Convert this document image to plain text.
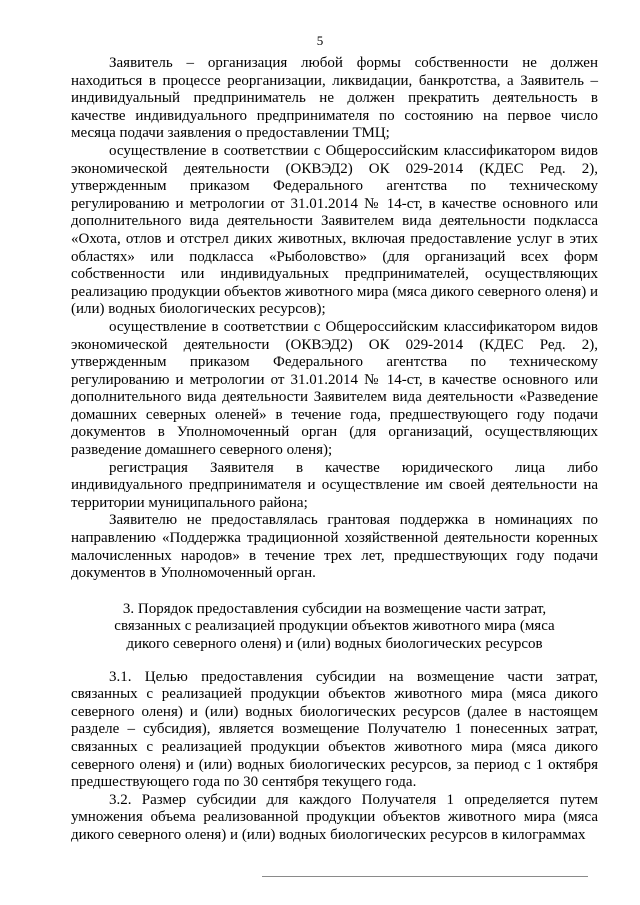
5

Заявитель – организация любой формы собственности не должен находиться в процессе реорганизации, ликвидации, банкротства, а Заявитель – индивидуальный предприниматель не должен прекратить деятельность в качестве индивидуального предпринимателя по состоянию на первое число месяца подачи заявления о предоставлении ТМЦ;

осуществление в соответствии с Общероссийским классификатором видов экономической деятельности (ОКВЭД2) ОК 029-2014 (КДЕС Ред. 2), утвержденным приказом Федерального агентства по техническому регулированию и метрологии от 31.01.2014 № 14-ст, в качестве основного или дополнительного вида деятельности Заявителем вида деятельности подкласса «Охота, отлов и отстрел диких животных, включая предоставление услуг в этих областях» или подкласса «Рыболовство» (для организаций всех форм собственности или индивидуальных предпринимателей, осуществляющих реализацию продукции объектов животного мира (мяса дикого северного оленя) и (или) водных биологических ресурсов);

осуществление в соответствии с Общероссийским классификатором видов экономической деятельности (ОКВЭД2) ОК 029-2014 (КДЕС Ред. 2), утвержденным приказом Федерального агентства по техническому регулированию и метрологии от 31.01.2014 № 14-ст, в качестве основного или дополнительного вида деятельности Заявителем вида деятельности «Разведение домашних северных оленей» в течение года, предшествующего году подачи документов в Уполномоченный орган (для организаций, осуществляющих разведение домашнего северного оленя);

регистрация Заявителя в качестве юридического лица либо индивидуального предпринимателя и осуществление им своей деятельности на территории муниципального района;

Заявителю не предоставлялась грантовая поддержка в номинациях по направлению «Поддержка традиционной хозяйственной деятельности коренных малочисленных народов» в течение трех лет, предшествующих году подачи документов в Уполномоченный орган.

3. Порядок предоставления субсидии на возмещение части затрат, связанных с реализацией продукции объектов животного мира (мяса дикого северного оленя) и (или) водных биологических ресурсов

3.1. Целью предоставления субсидии на возмещение части затрат, связанных с реализацией продукции объектов животного мира (мяса дикого северного оленя) и (или) водных биологических ресурсов (далее в настоящем разделе – субсидия), является возмещение Получателю 1 понесенных затрат, связанных с реализацией продукции объектов животного мира (мяса дикого северного оленя) и (или) водных биологических ресурсов, за период с 1 октября предшествующего года по 30 сентября текущего года.

3.2. Размер субсидии для каждого Получателя 1 определяется путем умножения объема реализованной продукции объектов животного мира (мяса дикого северного оленя) и (или) водных биологических ресурсов в килограммах
